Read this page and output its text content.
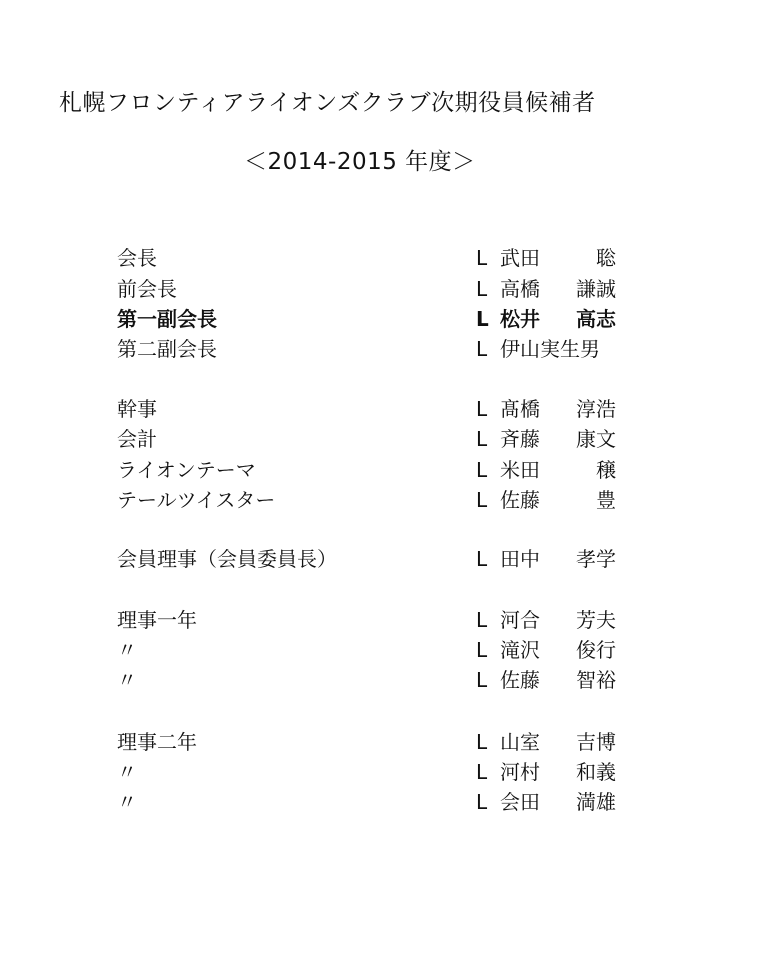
札幌フロンティアライオンズクラブ次期役員候補者
＜2014-2015 年度＞
会長	L 武田	聡
前会長	L 高橋 謙誠
第一副会長	L 松井 高志
第二副会長	L 伊山実生男
幹事	L 髙橋 淳浩
会計	L 斉藤 康文
ライオンテーマ	L 米田	穣
テールツイスター	L 佐藤	豊
会員理事（会員委員長）	L 田中 孝学
理事一年	L 河合 芳夫
〃	L 滝沢 俊行
〃	L 佐藤 智裕
理事二年	L 山室 吉博
〃	L 河村 和義
〃	L 会田 満雄
